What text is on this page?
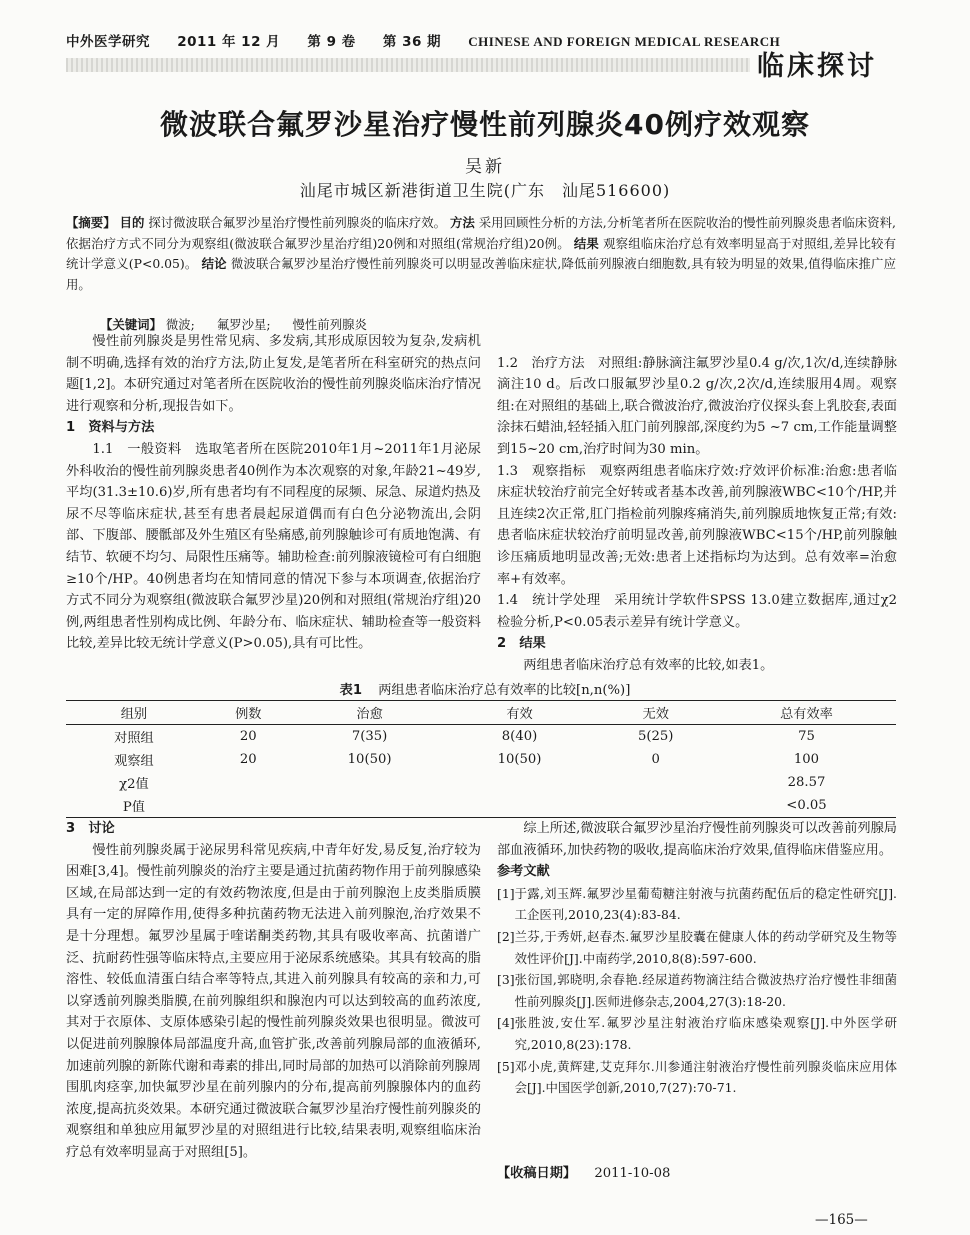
中外医学研究 2011 年 12 月 第 9 卷 第 36 期 CHINESE AND FOREIGN MEDICAL RESEARCH
临床探讨
微波联合氟罗沙星治疗慢性前列腺炎40例疗效观察
吴新
汕尾市城区新港街道卫生院(广东　汕尾516600)
【摘要】 目的 探讨微波联合氟罗沙星治疗慢性前列腺炎的临床疗效。 方法 采用回顾性分析的方法,分析笔者所在医院收治的慢性前列腺炎患者临床资料,依据治疗方式不同分为观察组(微波联合氟罗沙星治疗组)20例和对照组(常规治疗组)20例。 结果 观察组临床治疗总有效率明显高于对照组,差异比较有统计学意义(P<0.05)。 结论 微波联合氟罗沙星治疗慢性前列腺炎可以明显改善临床症状,降低前列腺液白细胞数,具有较为明显的效果,值得临床推广应用。
【关键词】 微波; 氟罗沙星; 慢性前列腺炎

慢性前列腺炎是男性常见病、多发病,其形成原因较为复杂,发病机制不明确,选择有效的治疗方法,防止复发,是笔者所在科室研究的热点问题[1,2]。本研究通过对笔者所在医院收治的慢性前列腺炎临床治疗情况进行观察和分析,现报告如下。

1　资料与方法

1.1　一般资料　选取笔者所在医院2010年1月~2011年1月泌尿外科收治的慢性前列腺炎患者40例作为本次观察的对象,年龄21~49岁,平均(31.3±10.6)岁,所有患者均有不同程度的尿频、尿急、尿道灼热及尿不尽等临床症状,甚至有患者晨起尿道偶而有白色分泌物流出,会阴部、下腹部、腰骶部及外生殖区有坠痛感,前列腺触诊可有质地饱满、有结节、软硬不均匀、局限性压痛等。辅助检查:前列腺液镜检可有白细胞≥10个/HP。40例患者均在知情同意的情况下参与本项调查,依据治疗方式不同分为观察组(微波联合氟罗沙星)20例和对照组(常规治疗组)20例,两组患者性别构成比例、年龄分布、临床症状、辅助检查等一般资料比较,差异比较无统计学意义(P>0.05),具有可比性。

1.2　治疗方法　对照组:静脉滴注氟罗沙星0.4 g/次,1次/d,连续静脉滴注10 d。后改口服氟罗沙星0.2 g/次,2次/d,连续服用4周。观察组:在对照组的基础上,联合微波治疗,微波治疗仪探头套上乳胶套,表面涂抹石蜡油,轻轻插入肛门前列腺部,深度约为5 ~7 cm,工作能量调整到15~20 cm,治疗时间为30 min。

1.3　观察指标　观察两组患者临床疗效:疗效评价标准:治愈:患者临床症状较治疗前完全好转或者基本改善,前列腺液WBC<10个/HP,并且连续2次正常,肛门指检前列腺疼痛消失,前列腺质地恢复正常;有效:患者临床症状较治疗前明显改善,前列腺液WBC<15个/HP,前列腺触诊压痛质地明显改善;无效:患者上述指标均为达到。总有效率=治愈率+有效率。

1.4　统计学处理　采用统计学软件SPSS 13.0建立数据库,通过χ2检验分析,P<0.05表示差异有统计学意义。

2　结果

两组患者临床治疗总有效率的比较,如表1。

表1 两组患者临床治疗总有效率的比较[n,n(%)]
组别	例数	治愈	有效	无效	总有效率
对照组	20	7(35)	8(40)	5(25)	75
观察组	20	10(50)	10(50)	0	100
χ2值					28.57
P值					<0.05

3　讨论

慢性前列腺炎属于泌尿男科常见疾病,中青年好发,易反复,治疗较为困难[3,4]。慢性前列腺炎的治疗主要是通过抗菌药物作用于前列腺感染区域,在局部达到一定的有效药物浓度,但是由于前列腺泡上皮类脂质膜具有一定的屏障作用,使得多种抗菌药物无法进入前列腺泡,治疗效果不是十分理想。氟罗沙星属于喹诺酮类药物,其具有吸收率高、抗菌谱广泛、抗耐药性强等临床特点,主要应用于泌尿系统感染。其具有较高的脂溶性、较低血清蛋白结合率等特点,其进入前列腺具有较高的亲和力,可以穿透前列腺类脂膜,在前列腺组织和腺泡内可以达到较高的血药浓度,其对于衣原体、支原体感染引起的慢性前列腺炎效果也很明显。微波可以促进前列腺腺体局部温度升高,血管扩张,改善前列腺局部的血液循环,加速前列腺的新陈代谢和毒素的排出,同时局部的加热可以消除前列腺周围肌肉痉挛,加快氟罗沙星在前列腺内的分布,提高前列腺腺体内的血药浓度,提高抗炎效果。本研究通过微波联合氟罗沙星治疗慢性前列腺炎的观察组和单独应用氟罗沙星的对照组进行比较,结果表明,观察组临床治疗总有效率明显高于对照组[5]。

综上所述,微波联合氟罗沙星治疗慢性前列腺炎可以改善前列腺局部血液循环,加快药物的吸收,提高临床治疗效果,值得临床借鉴应用。

参考文献

[1] 于露,刘玉辉.氟罗沙星葡萄糖注射液与抗菌药配伍后的稳定性研究[J].工企医刊,2010,23(4):83-84.
[2] 兰芬,于秀妍,赵春杰.氟罗沙星胶囊在健康人体的药动学研究及生物等效性评价[J].中南药学,2010,8(8):597-600.
[3] 张衍国,郭晓明,余春艳.经尿道药物滴注结合微波热疗治疗慢性非细菌性前列腺炎[J].医师进修杂志,2004,27(3):18-20.
[4] 张胜波,安仕军.氟罗沙星注射液治疗临床感染观察[J].中外医学研究,2010,8(23):178.
[5] 邓小虎,黄辉建,艾克拜尔.川参通注射液治疗慢性前列腺炎临床应用体会[J].中国医学创新,2010,7(27):70-71.
【收稿日期】 2011-10-08
—165—
